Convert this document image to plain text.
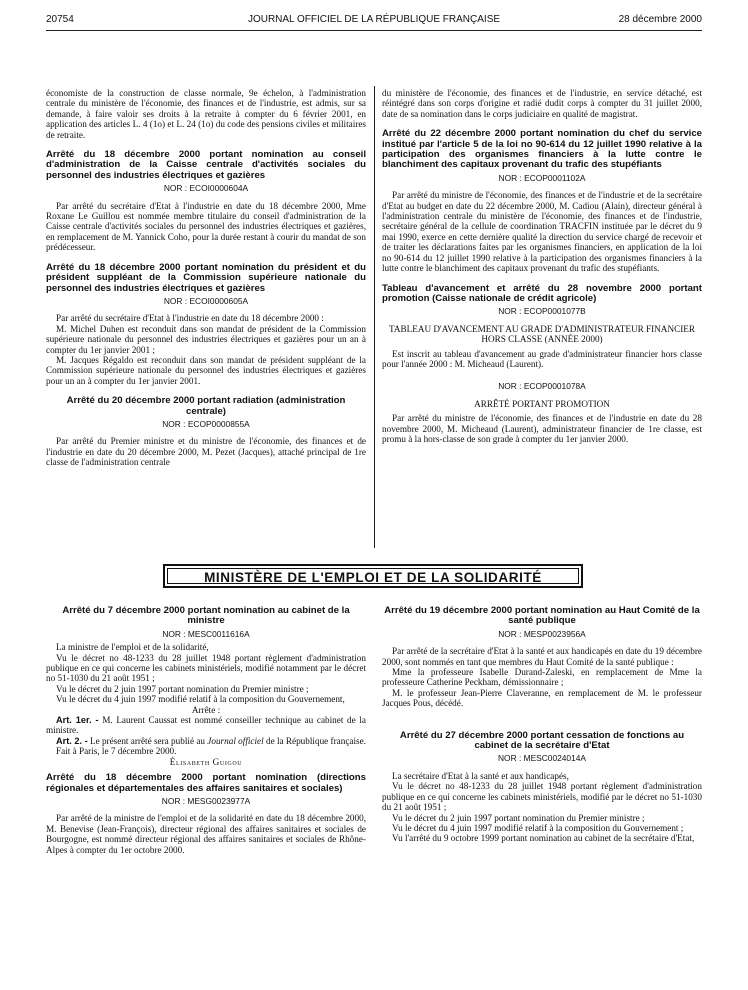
20754	JOURNAL OFFICIEL DE LA RÉPUBLIQUE FRANÇAISE	28 décembre 2000

économiste de la construction de classe normale, 9e échelon, à l'administration centrale du ministère de l'économie, des finances et de l'industrie, est admis, sur sa demande, à faire valoir ses droits à la retraite à compter du 6 février 2001, en application des articles L. 4 (1o) et L. 24 (1o) du code des pensions civiles et militaires de retraite.

Arrêté du 18 décembre 2000 portant nomination au conseil d'administration de la Caisse centrale d'activités sociales du personnel des industries électriques et gazières
NOR : ECOI0000604A

Par arrêté du secrétaire d'Etat à l'industrie en date du 18 décembre 2000, Mme Roxane Le Guillou est nommée membre titulaire du conseil d'administration de la Caisse centrale d'activités sociales du personnel des industries électriques et gazières, en remplacement de M. Yannick Coho, pour la durée restant à courir du mandat de son prédécesseur.

Arrêté du 18 décembre 2000 portant nomination du président et du président suppléant de la Commission supérieure nationale du personnel des industries électriques et gazières
NOR : ECOI0000605A

Par arrêté du secrétaire d'Etat à l'industrie en date du 18 décembre 2000 :

M. Michel Duhen est reconduit dans son mandat de président de la Commission supérieure nationale du personnel des industries électriques et gazières pour un an à compter du 1er janvier 2001 ;

M. Jacques Régaldo est reconduit dans son mandat de président suppléant de la Commission supérieure nationale du personnel des industries électriques et gazières pour un an à compter du 1er janvier 2001.

Arrêté du 20 décembre 2000 portant radiation (administration centrale)
NOR : ECOP0000855A

Par arrêté du Premier ministre et du ministre de l'économie, des finances et de l'industrie en date du 20 décembre 2000, M. Pezet (Jacques), attaché principal de 1re classe de l'administration centrale

du ministère de l'économie, des finances et de l'industrie, en service détaché, est réintégré dans son corps d'origine et radié dudit corps à compter du 31 juillet 2000, date de sa nomination dans le corps judiciaire en qualité de magistrat.

Arrêté du 22 décembre 2000 portant nomination du chef du service institué par l'article 5 de la loi no 90-614 du 12 juillet 1990 relative à la participation des organismes financiers à la lutte contre le blanchiment des capitaux provenant du trafic des stupéfiants
NOR : ECOP0001102A

Par arrêté du ministre de l'économie, des finances et de l'industrie et de la secrétaire d'Etat au budget en date du 22 décembre 2000, M. Cadiou (Alain), directeur général à l'administration centrale du ministère de l'économie, des finances et de l'industrie, secrétaire général de la cellule de coordination TRACFIN instituée par le décret du 9 mai 1990, exerce en cette dernière qualité la direction du service chargé de recevoir et de traiter les déclarations faites par les organismes financiers, en application de la loi no 90-614 du 12 juillet 1990 relative à la participation des organismes financiers à la lutte contre le blanchiment des capitaux provenant du trafic des stupéfiants.

Tableau d'avancement et arrêté du 28 novembre 2000 portant promotion (Caisse nationale de crédit agricole)
NOR : ECOP0001077B

TABLEAU D'AVANCEMENT AU GRADE D'ADMINISTRATEUR FINANCIER HORS CLASSE (ANNÉE 2000)

Est inscrit au tableau d'avancement au grade d'administrateur financier hors classe pour l'année 2000 : M. Micheaud (Laurent).

NOR : ECOP0001078A

ARRÊTÉ PORTANT PROMOTION

Par arrêté du ministre de l'économie, des finances et de l'industrie en date du 28 novembre 2000, M. Micheaud (Laurent), administrateur financier de 1re classe, est promu à la hors-classe de son grade à compter du 1er janvier 2000.

MINISTÈRE DE L'EMPLOI ET DE LA SOLIDARITÉ
Arrêté du 7 décembre 2000 portant nomination au cabinet de la ministre
NOR : MESC0011616A

La ministre de l'emploi et de la solidarité,

Vu le décret no 48-1233 du 28 juillet 1948 portant règlement d'administration publique en ce qui concerne les cabinets ministériels, modifié notamment par le décret no 51-1030 du 21 août 1951 ;

Vu le décret du 2 juin 1997 portant nomination du Premier ministre ;

Vu le décret du 4 juin 1997 modifié relatif à la composition du Gouvernement,

Arrête :

Art. 1er. - M. Laurent Caussat est nommé conseiller technique au cabinet de la ministre.

Art. 2. - Le présent arrêté sera publié au Journal officiel de la République française.

Fait à Paris, le 7 décembre 2000.

Élisabeth Guigou

Arrêté du 18 décembre 2000 portant nomination (directions régionales et départementales des affaires sanitaires et sociales)
NOR : MESG0023977A

Par arrêté de la ministre de l'emploi et de la solidarité en date du 18 décembre 2000, M. Benevise (Jean-François), directeur régional des affaires sanitaires et sociales de Bourgogne, est nommé directeur régional des affaires sanitaires et sociales de Rhône-Alpes à compter du 1er octobre 2000.

Arrêté du 19 décembre 2000 portant nomination au Haut Comité de la santé publique
NOR : MESP0023956A

Par arrêté de la secrétaire d'Etat à la santé et aux handicapés en date du 19 décembre 2000, sont nommés en tant que membres du Haut Comité de la santé publique :

Mme la professeure Isabelle Durand-Zaleski, en remplacement de Mme la professeure Catherine Peckham, démissionnaire ;

M. le professeur Jean-Pierre Claveranne, en remplacement de M. le professeur Jacques Pous, décédé.

Arrêté du 27 décembre 2000 portant cessation de fonctions au cabinet de la secrétaire d'Etat
NOR : MESC0024014A

La secrétaire d'Etat à la santé et aux handicapés,

Vu le décret no 48-1233 du 28 juillet 1948 portant règlement d'administration publique en ce qui concerne les cabinets ministériels, modifié par le décret no 51-1030 du 21 août 1951 ;

Vu le décret du 2 juin 1997 portant nomination du Premier ministre ;

Vu le décret du 4 juin 1997 modifié relatif à la composition du Gouvernement ;

Vu l'arrêté du 9 octobre 1999 portant nomination au cabinet de la secrétaire d'Etat,
